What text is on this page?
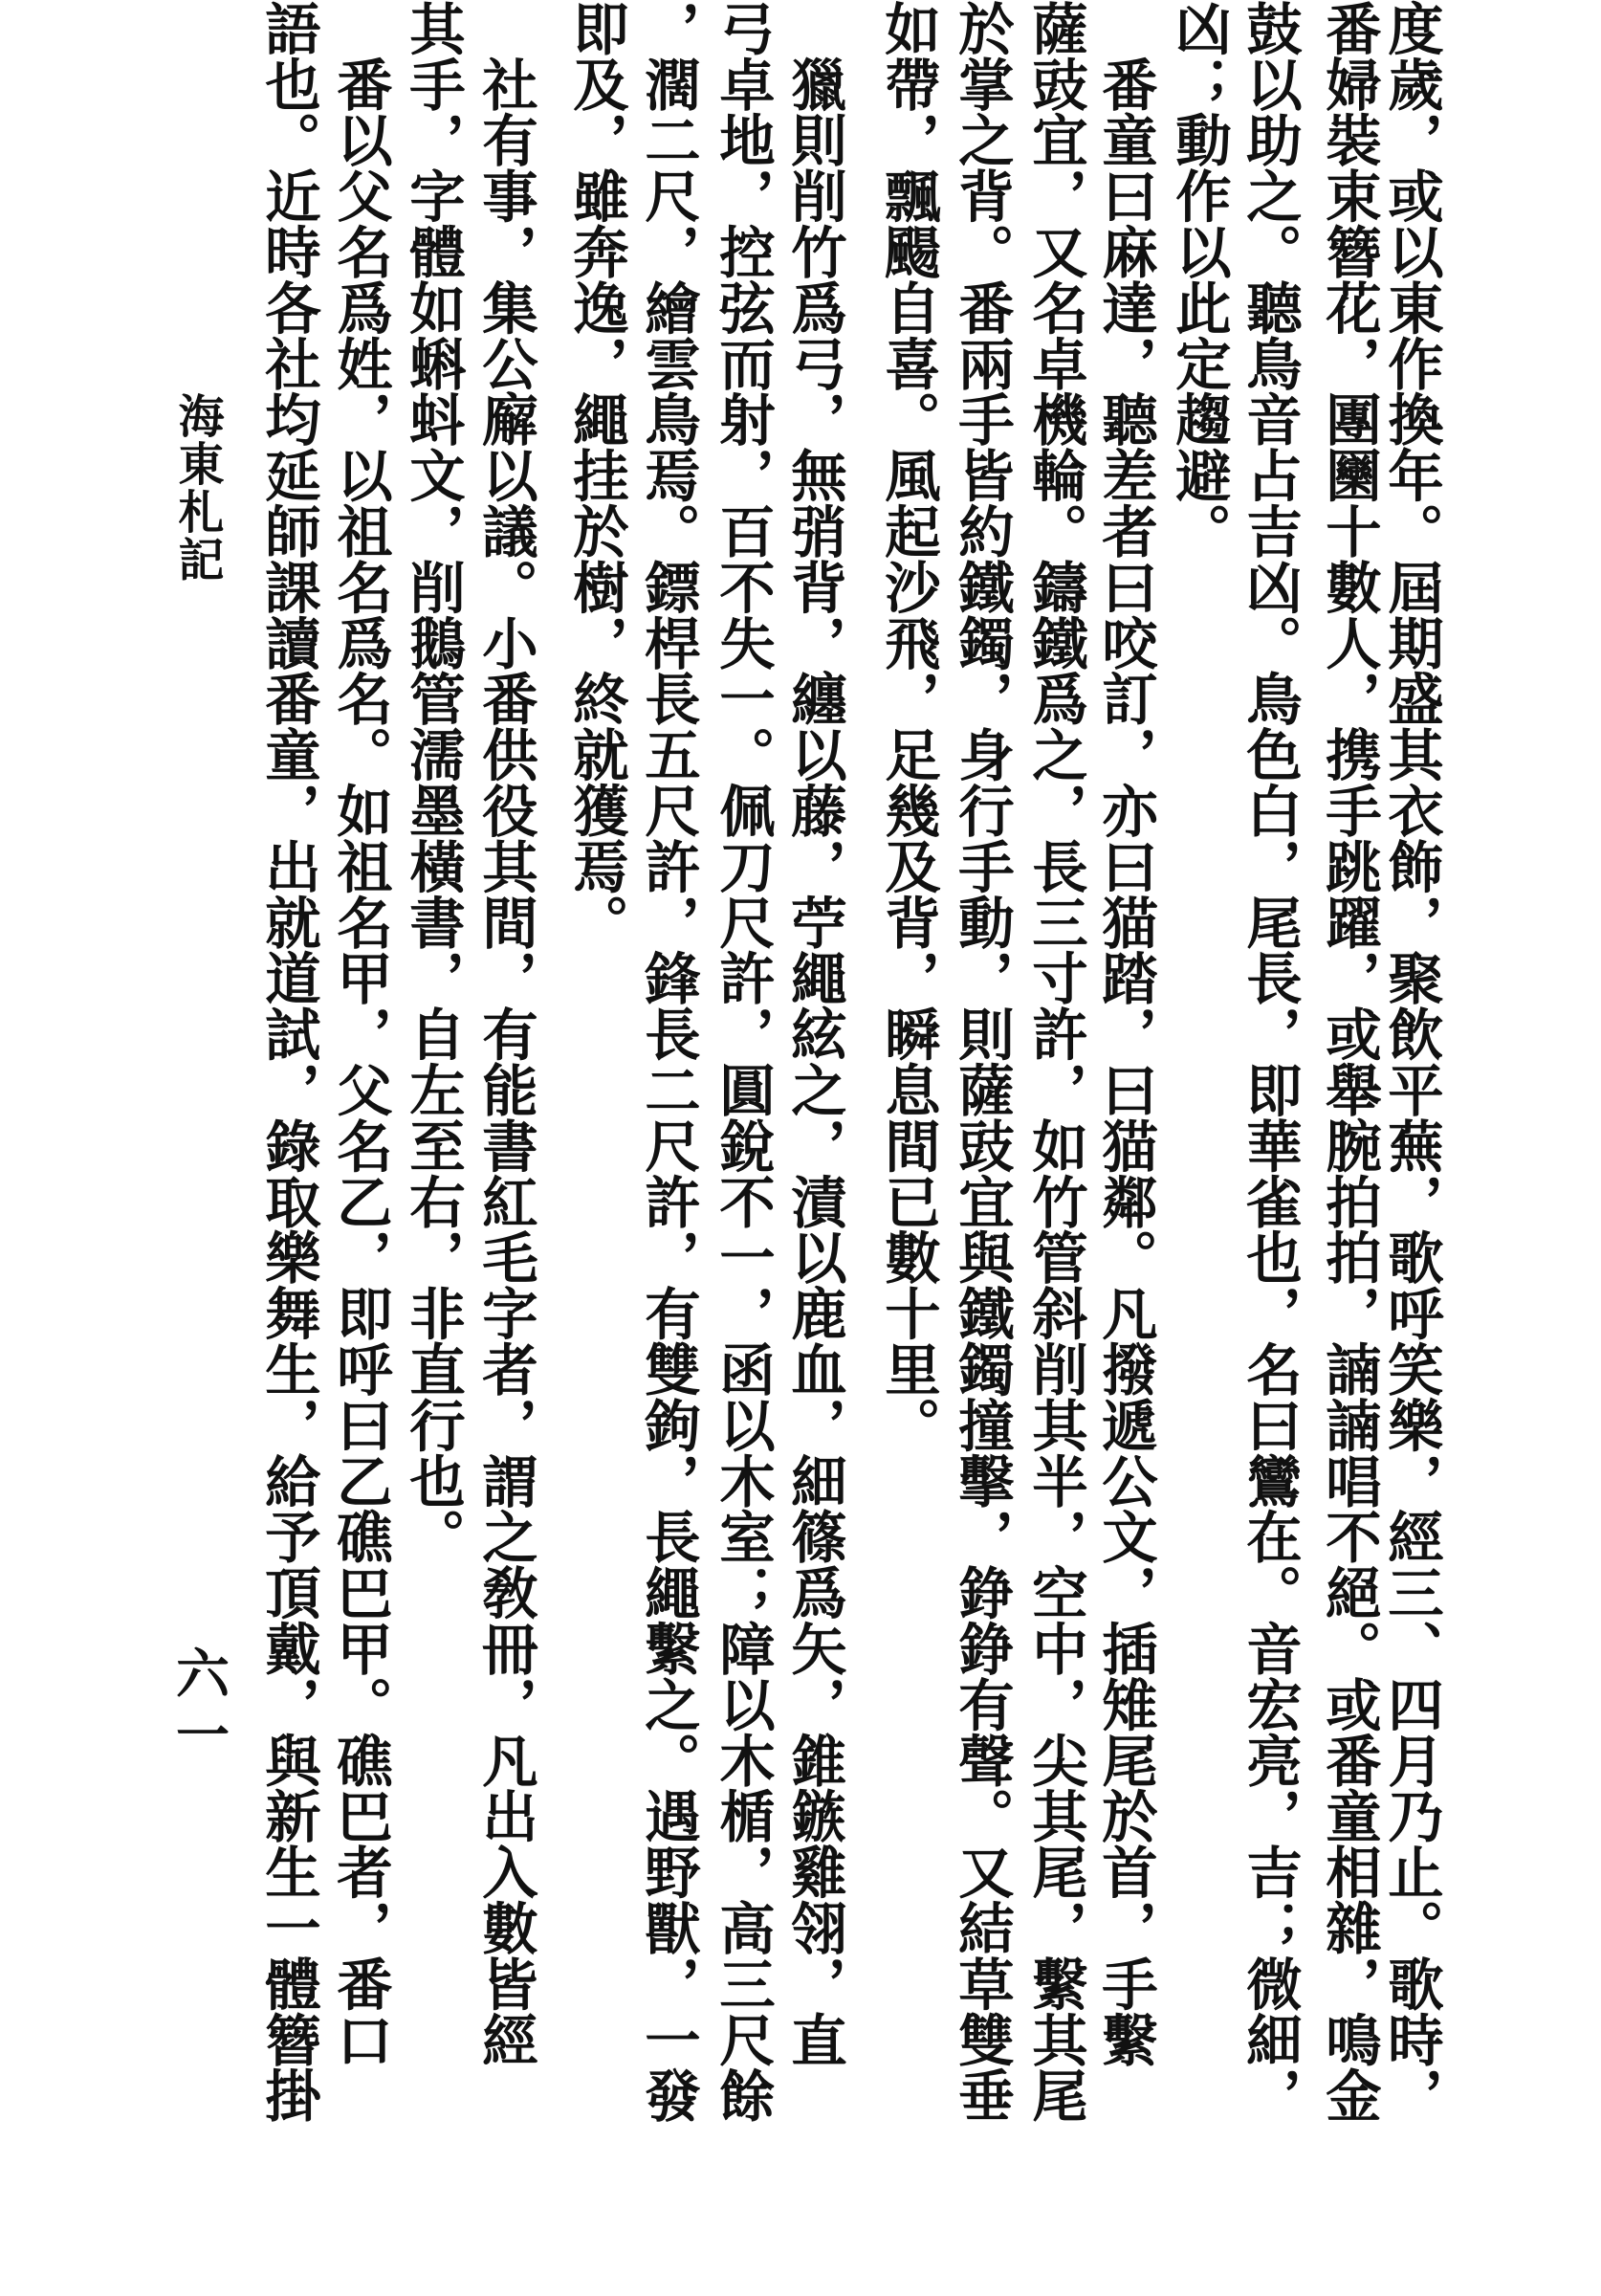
度歲，或以東作換年。屆期盛其衣飾，聚飲平蕪，歌呼笑樂，經三、四月乃止。歌時，
番婦裝束簪花，團圞十數人，携手跳躍，或舉腕拍拍，諵諵唱不絕。或番童相雜，鳴金
鼓以助之。聽鳥音占吉凶。鳥色白，尾長，即華雀也，名曰鸞在。音宏亮，吉；微細，
凶；動作以此定趨避。
　番童曰麻達，聽差者曰咬訂，亦曰猫踏，曰猫鄰。凡撥遞公文，插雉尾於首，手繫
薩豉宜，又名卓機輪。鑄鐵爲之，長三寸許，如竹管斜削其半，空中，尖其尾，繫其尾
於掌之背。番兩手皆約鐵鐲，身行手動，則薩豉宜與鐵鐲撞擊，錚錚有聲。又結草雙垂
如帶，飄颺自喜。風起沙飛，足幾及背，瞬息間已數十里。
　獵則削竹爲弓，無弰背，纏以藤，苧繩絃之，漬以鹿血，細篠爲矢，錐鏃雞翎，直
弓卓地，控弦而射，百不失一。佩刀尺許，圓銳不一，函以木室；障以木楯，高三尺餘
，濶二尺，繪雲鳥焉。鏢桿長五尺許，鋒長二尺許，有雙鉤，長繩繫之。遇野獸，一發
即及，雖奔逸，繩挂於樹，終就獲焉。
　社有事，集公廨以議。小番供役其間，有能書紅毛字者，謂之敎冊，凡出入數皆經
其手，字體如蝌蚪文，削鵝管濡墨橫書，自左至右，非直行也。
　番以父名爲姓，以祖名爲名。如祖名甲，父名乙，即呼曰乙礁巴甲。礁巴者，番口
語也。近時各社均延師課讀番童，出就道試，錄取樂舞生，給予頂戴，與新生一體簪掛
海東札記
六一
